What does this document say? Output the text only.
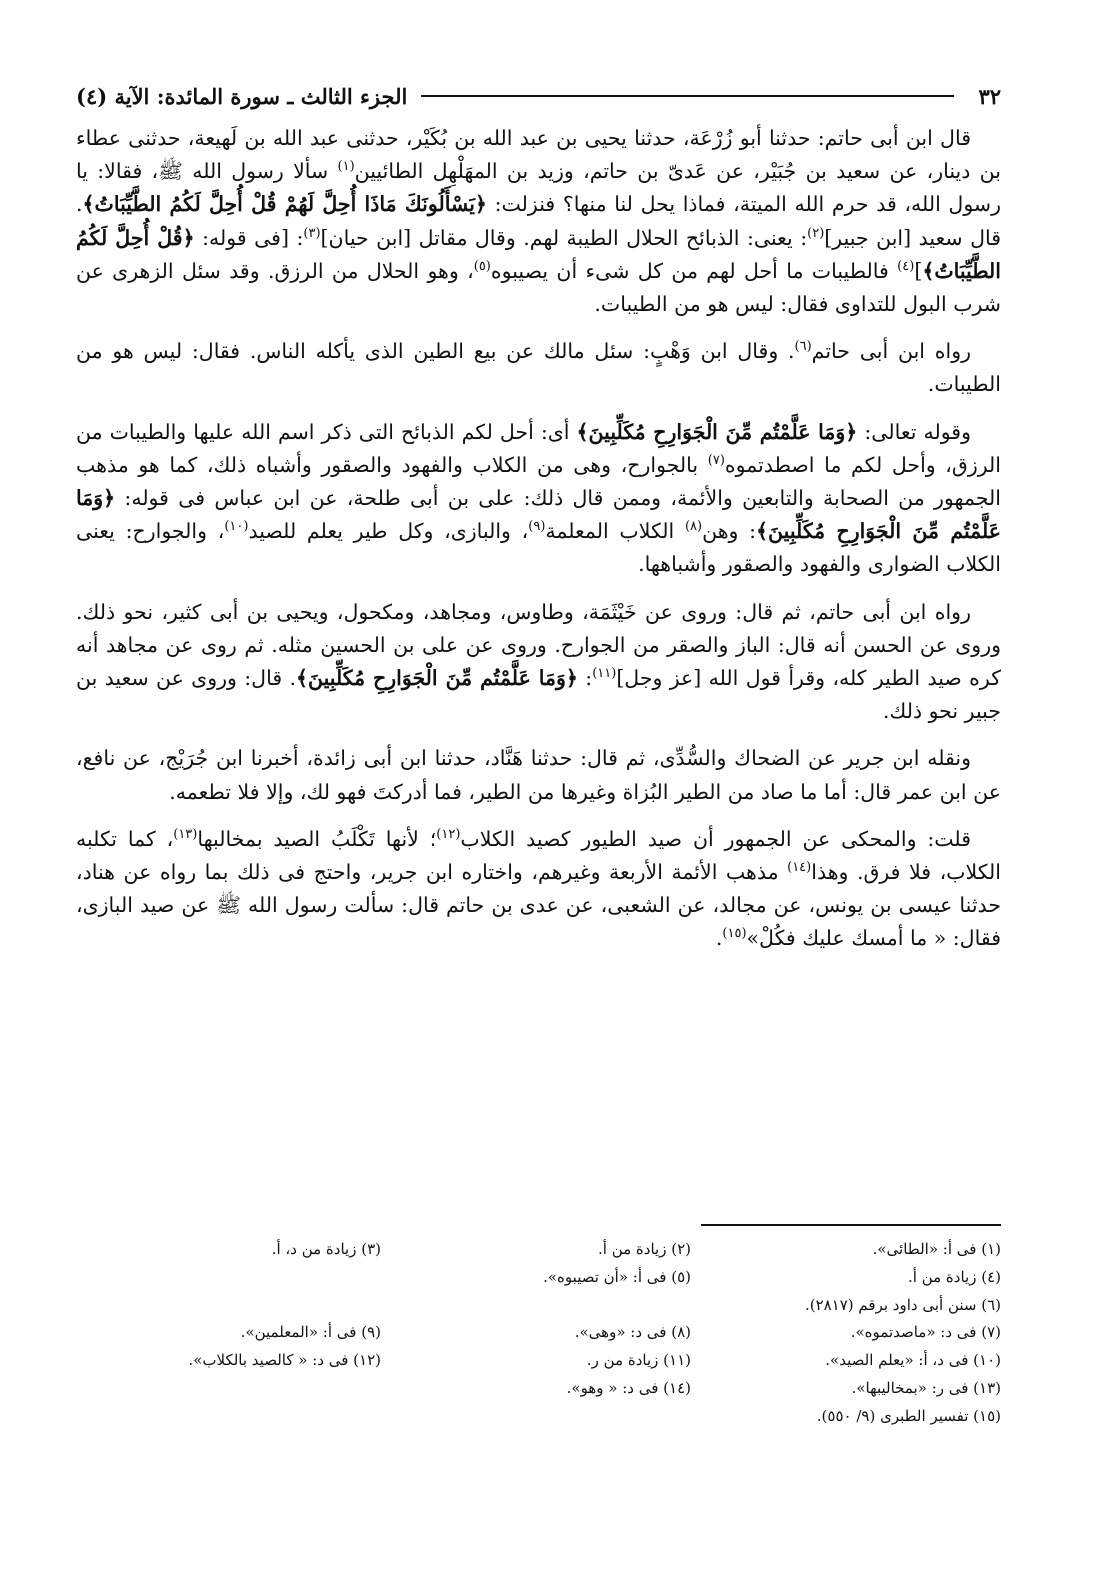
٣٢
الجزء الثالث ـ سورة المائدة: الآية (٤)

قال ابن أبى حاتم: حدثنا أبو زُرْعَة، حدثنا يحيى بن عبد الله بن بُكَيْر، حدثنى عبد الله بن لَهيعة، حدثنى عطاء بن دينار، عن سعيد بن جُبَيْر، عن عَدىّ بن حاتم، وزيد بن المهَلْهِل الطائيين$^{(١)}$ سألا رسول الله ﷺ، فقالا: يا رسول الله، قد حرم الله الميتة، فماذا يحل لنا منها؟ فنزلت: ﴿يَسْأَلُونَكَ مَاذَا أُحِلَّ لَهُمْ قُلْ أُحِلَّ لَكُمُ الطَّيِّبَاتُ﴾. قال سعيد [ابن جبير]$^{(٢)}$: يعنى: الذبائح الحلال الطيبة لهم. وقال مقاتل [ابن حيان]$^{(٣)}$: [فى قوله: ﴿قُلْ أُحِلَّ لَكُمُ الطَّيِّبَاتُ﴾]$^{(٤)}$ فالطيبات ما أحل لهم من كل شىء أن يصيبوه$^{(٥)}$، وهو الحلال من الرزق. وقد سئل الزهرى عن شرب البول للتداوى فقال: ليس هو من الطيبات.

رواه ابن أبى حاتم$^{(٦)}$. وقال ابن وَهْبٍ: سئل مالك عن بيع الطين الذى يأكله الناس. فقال: ليس هو من الطيبات.

وقوله تعالى: ﴿وَمَا عَلَّمْتُم مِّنَ الْجَوَارِحِ مُكَلِّبِينَ﴾ أى: أحل لكم الذبائح التى ذكر اسم الله عليها والطيبات من الرزق، وأحل لكم ما اصطدتموه$^{(٧)}$ بالجوارح، وهى من الكلاب والفهود والصقور وأشباه ذلك، كما هو مذهب الجمهور من الصحابة والتابعين والأئمة، وممن قال ذلك: على بن أبى طلحة، عن ابن عباس فى قوله: ﴿وَمَا عَلَّمْتُم مِّنَ الْجَوَارِحِ مُكَلِّبِينَ﴾: وهن$^{(٨)}$ الكلاب المعلمة$^{(٩)}$، والبازى، وكل طير يعلم للصيد$^{(١٠)}$، والجوارح: يعنى الكلاب الضوارى والفهود والصقور وأشباهها.

رواه ابن أبى حاتم، ثم قال: وروى عن خَيْثَمَة، وطاوس، ومجاهد، ومكحول، ويحيى بن أبى كثير، نحو ذلك. وروى عن الحسن أنه قال: الباز والصقر من الجوارح. وروى عن على بن الحسين مثله. ثم روى عن مجاهد أنه كره صيد الطير كله، وقرأ قول الله [عز وجل]$^{(١١)}$: ﴿وَمَا عَلَّمْتُم مِّنَ الْجَوَارِحِ مُكَلِّبِينَ﴾. قال: وروى عن سعيد بن جبير نحو ذلك.

ونقله ابن جرير عن الضحاك والسُّدِّى، ثم قال: حدثنا هَنَّاد، حدثنا ابن أبى زائدة، أخبرنا ابن جُرَيْج، عن نافع، عن ابن عمر قال: أما ما صاد من الطير البُزاة وغيرها من الطير، فما أدركتَ فهو لك، وإلا فلا تطعمه.

قلت: والمحكى عن الجمهور أن صيد الطيور كصيد الكلاب$^{(١٢)}$؛ لأنها تَكْلَبُ الصيد بمخالبها$^{(١٣)}$، كما تكلبه الكلاب، فلا فرق. وهذا$^{(١٤)}$ مذهب الأئمة الأربعة وغيرهم، واختاره ابن جرير، واحتج فى ذلك بما رواه عن هناد، حدثنا عيسى بن يونس، عن مجالد، عن الشعبى، عن عدى بن حاتم قال: سألت رسول الله ﷺ عن صيد البازى، فقال: « ما أمسك عليك فكُلْ»$^{(١٥)}$.

(١) فى أ: «الطائى».
(٢) زيادة من أ.
(٣) زيادة من د، أ.
(٤) زيادة من أ.
(٥) فى أ: «أن تصيبوه».
(٦) سنن أبى داود برقم (٢٨١٧).
(٧) فى د: «ماصدتموه».
(٨) فى د: «وهى».
(٩) فى أ: «المعلمين».
(١٠) فى د، أ: «يعلم الصيد».
(١١) زيادة من ر.
(١٢) فى د: « كالصيد بالكلاب».
(١٣) فى ر: «بمخاليبها».
(١٤) فى د: « وهو».
(١٥) تفسير الطبرى (٩/ ٥٥٠).
